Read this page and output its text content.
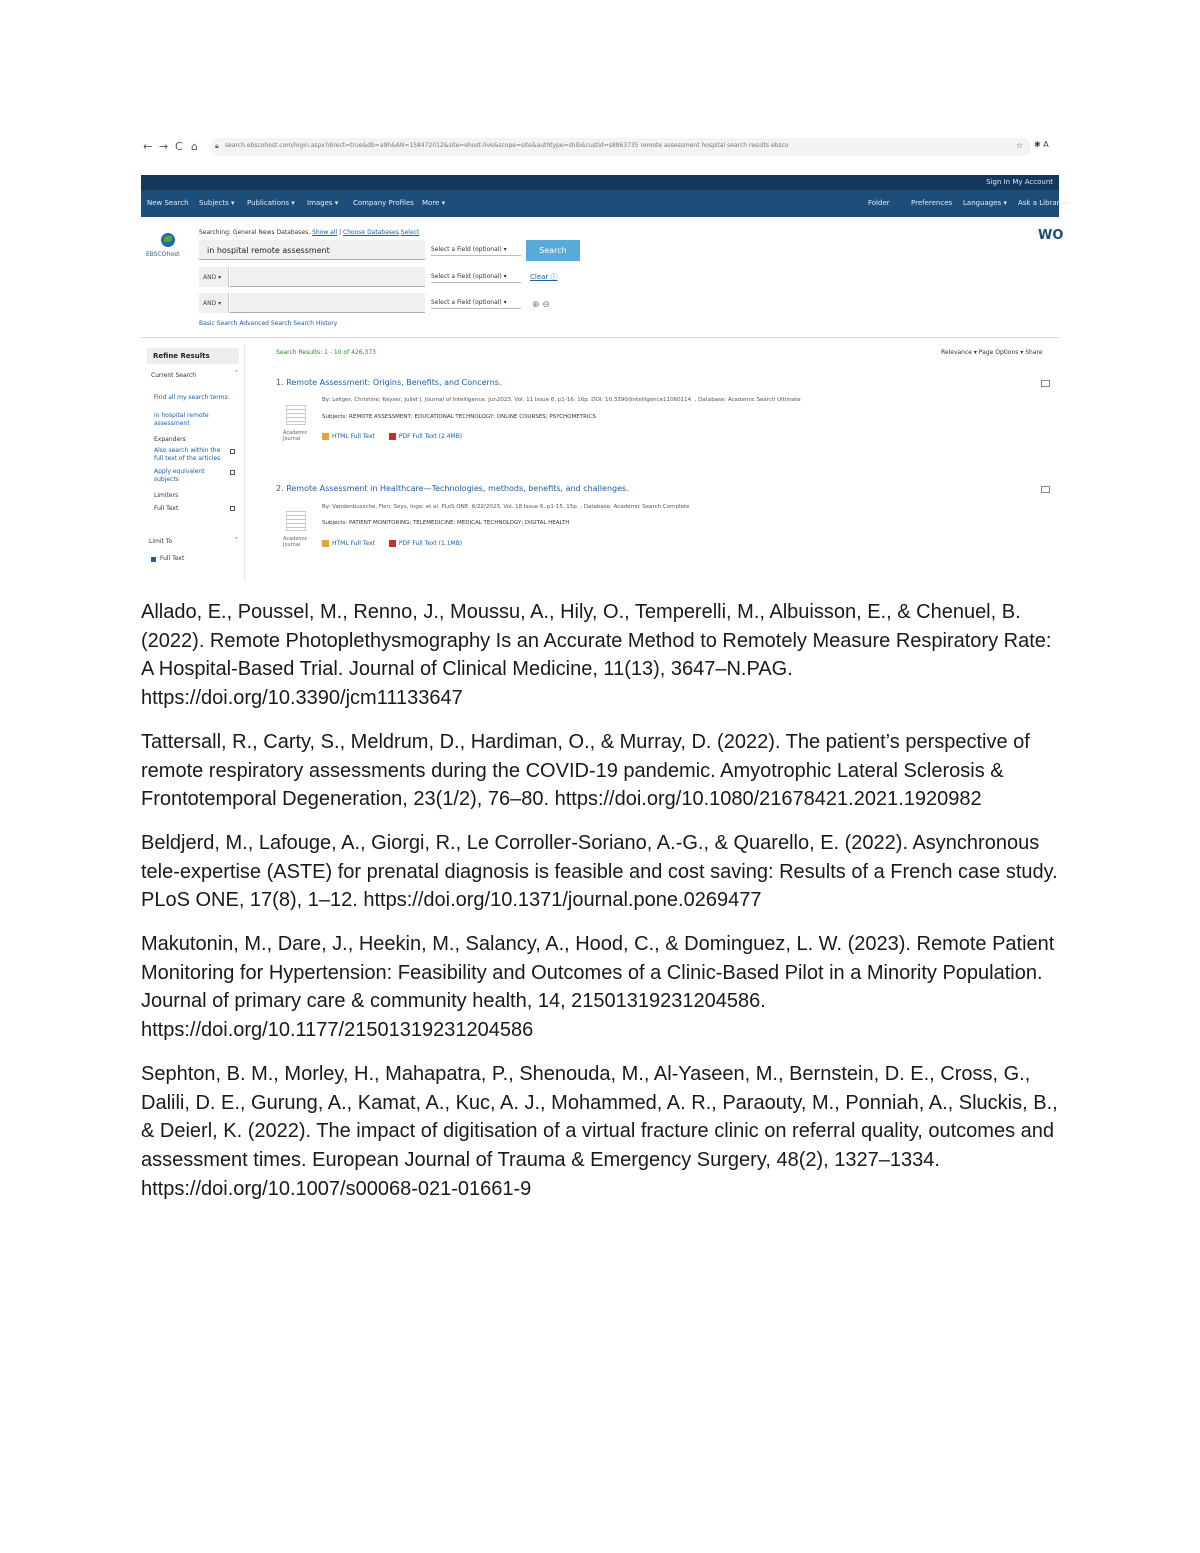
← → C ⌂ 🔒︎ search.ebscohost.com/login.aspx?direct=true&db=a9h&AN=158472012&site=ehost-live&scope=site&authtype=shib&custid=s8863735 remote assessment hospital search results ebsco	☆ ✱ A
Sign In My Account
New Search Subjects ▾ Publications ▾ Images ▾ Company Profiles More ▾	Folder	Preferences Languages ▾ Ask a Librarian
EBSCOhost
Searching: General News Databases, Show all | Choose Databases Select
in hospital remote assessment	Select a Field (optional) ▾
AND ▾	Select a Field (optional) ▾
AND ▾	Select a Field (optional) ▾
Search
Clear ⓘ
⊕ ⊖
Basic Search Advanced Search Search History
WO
Refine Results
Current Search	˄
Find all my search terms:
in hospital remote assessment
Expanders
Also search within the full text of the articles
Apply equivalent subjects
Limiters
Full Text
Limit To	˄
Full Text
Search Results: 1 - 10 of 426,373	Relevance ▾ Page Options ▾ Share
1. Remote Assessment: Origins, Benefits, and Concerns.
By: Leliger, Christine; Keyser, Juliet J. Journal of Intelligence. Jun2023, Vol. 11 Issue 6, p1-16. 16p. DOI: 10.3390/jintelligence11060114. , Database: Academic Search Ultimate
Subjects: REMOTE ASSESSMENT; EDUCATIONAL TECHNOLOGY; ONLINE COURSES; PSYCHOMETRICS
Academic Journal	HTML Full Text	PDF Full Text (2.4MB)
2. Remote Assessment in Healthcare—Technologies, methods, benefits, and challenges.
By: Vandenbussche, Fien; Seys, Inge; et al. PLoS ONE. 6/22/2023, Vol. 18 Issue 6, p1-15. 15p. , Database: Academic Search Complete
Subjects: PATIENT MONITORING; TELEMEDICINE; MEDICAL TECHNOLOGY; DIGITAL HEALTH
Academic Journal	HTML Full Text	PDF Full Text (1.1MB)

Allado, E., Poussel, M., Renno, J., Moussu, A., Hily, O., Temperelli, M., Albuisson, E., & Chenuel, B. (2022). Remote Photoplethysmography Is an Accurate Method to Remotely Measure Respiratory Rate: A Hospital-Based Trial. Journal of Clinical Medicine, 11(13), 3647–N.PAG. https://doi.org/10.3390/jcm11133647

Tattersall, R., Carty, S., Meldrum, D., Hardiman, O., & Murray, D. (2022). The patient’s perspective of remote respiratory assessments during the COVID-19 pandemic. Amyotrophic Lateral Sclerosis & Frontotemporal Degeneration, 23(1/2), 76–80. https://doi.org/10.1080/21678421.2021.1920982

Beldjerd, M., Lafouge, A., Giorgi, R., Le Corroller-Soriano, A.-G., & Quarello, E. (2022). Asynchronous tele-expertise (ASTE) for prenatal diagnosis is feasible and cost saving: Results of a French case study. PLoS ONE, 17(8), 1–12. https://doi.org/10.1371/journal.pone.0269477

Makutonin, M., Dare, J., Heekin, M., Salancy, A., Hood, C., & Dominguez, L. W. (2023). Remote Patient Monitoring for Hypertension: Feasibility and Outcomes of a Clinic-Based Pilot in a Minority Population. Journal of primary care & community health, 14, 21501319231204586. https://doi.org/10.1177/21501319231204586

Sephton, B. M., Morley, H., Mahapatra, P., Shenouda, M., Al-Yaseen, M., Bernstein, D. E., Cross, G., Dalili, D. E., Gurung, A., Kamat, A., Kuc, A. J., Mohammed, A. R., Paraouty, M., Ponniah, A., Sluckis, B., & Deierl, K. (2022). The impact of digitisation of a virtual fracture clinic on referral quality, outcomes and assessment times. European Journal of Trauma & Emergency Surgery, 48(2), 1327–1334. https://doi.org/10.1007/s00068-021-01661-9
